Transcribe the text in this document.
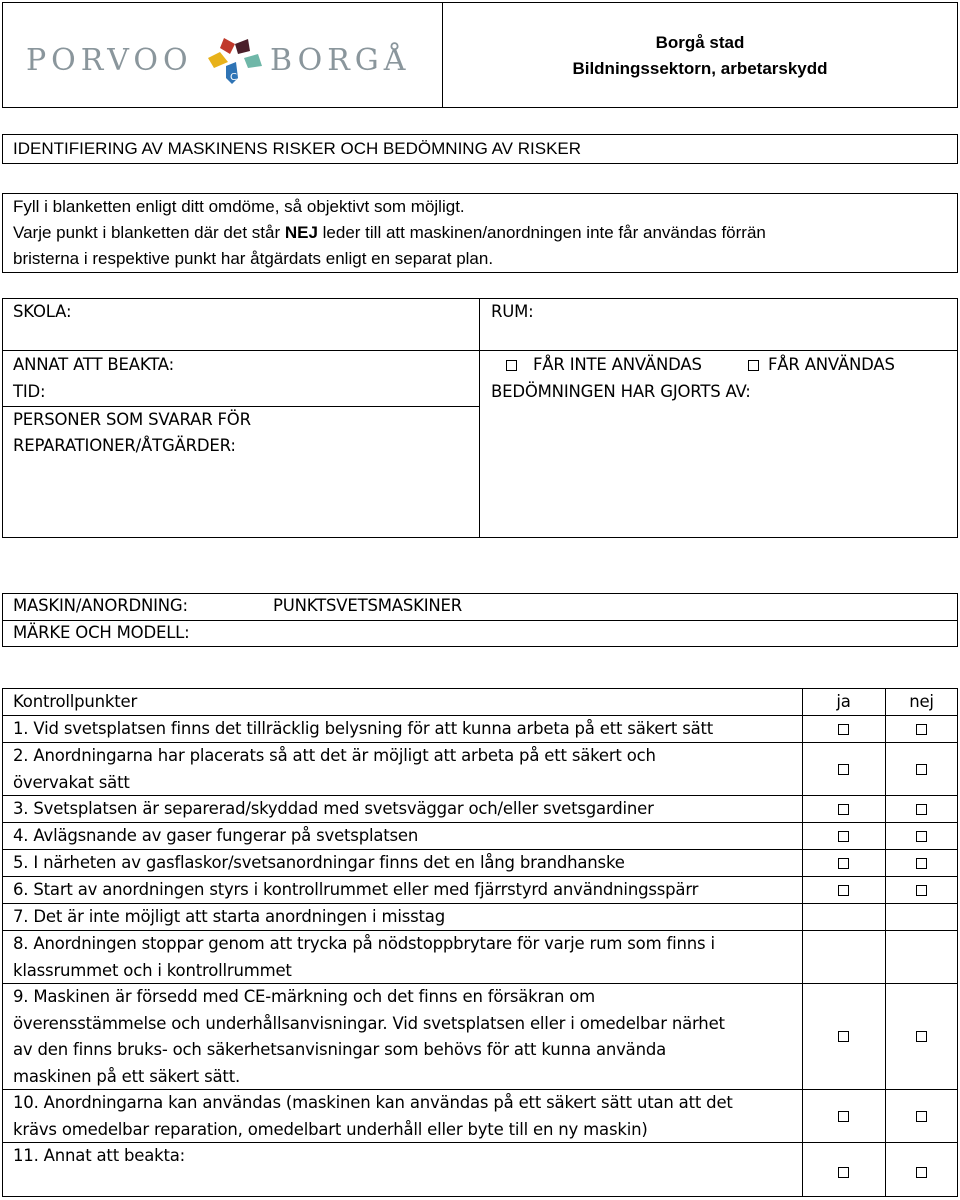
PORVOO	C BORGÅ
Borgå stad
Bildningssektorn, arbetarskydd
IDENTIFIERING AV MASKINENS RISKER OCH BEDÖMNING AV RISKER
Fyll i blanketten enligt ditt omdöme, så objektivt som möjligt.
Varje punkt i blanketten där det står NEJ leder till att maskinen/anordningen inte får användas förrän
bristerna i respektive punkt har åtgärdats enligt en separat plan.
SKOLA:	RUM:
ANNAT ATT BEAKTA:
TID:
PERSONER SOM SVARAR FÖR
REPARATIONER/ÅTGÄRDER:
FÅR INTE ANVÄNDAS	FÅR ANVÄNDAS
BEDÖMNINGEN HAR GJORTS AV:
MASKIN/ANORDNING:	PUNKTSVETSMASKINER
MÄRKE OCH MODELL:
Kontrollpunkter	ja	nej
1. Vid svetsplatsen finns det tillräcklig belysning för att kunna arbeta på ett säkert sätt
2. Anordningarna har placerats så att det är möjligt att arbeta på ett säkert och
övervakat sätt
3. Svetsplatsen är separerad/skyddad med svetsväggar och/eller svetsgardiner
4. Avlägsnande av gaser fungerar på svetsplatsen
5. I närheten av gasflaskor/svetsanordningar finns det en lång brandhanske
6. Start av anordningen styrs i kontrollrummet eller med fjärrstyrd användningsspärr
7. Det är inte möjligt att starta anordningen i misstag
8. Anordningen stoppar genom att trycka på nödstoppbrytare för varje rum som finns i
klassrummet och i kontrollrummet
9. Maskinen är försedd med CE-märkning och det finns en försäkran om
överensstämmelse och underhållsanvisningar. Vid svetsplatsen eller i omedelbar närhet
av den finns bruks- och säkerhetsanvisningar som behövs för att kunna använda
maskinen på ett säkert sätt.
10. Anordningarna kan användas (maskinen kan användas på ett säkert sätt utan att det
krävs omedelbar reparation, omedelbart underhåll eller byte till en ny maskin)
11. Annat att beakta:
